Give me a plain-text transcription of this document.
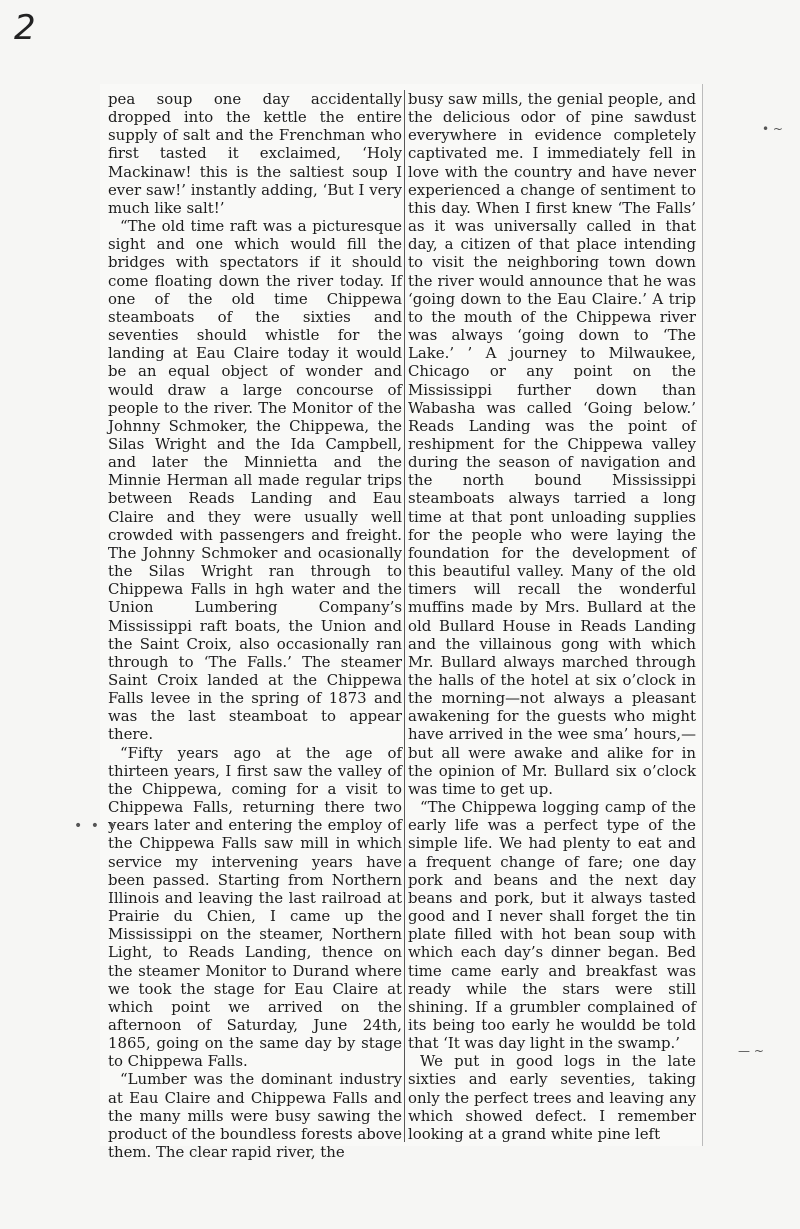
2

pea soup one day accidentally dropped into the kettle the entire supply of salt and the Frenchman who first tasted it exclaimed, ‘Holy Mackinaw! this is the saltiest soup I ever saw!’ instantly adding, ‘But I very much like salt!’

“The old time raft was a picturesque sight and one which would fill the bridges with spectators if it should come floating down the river today. If one of the old time Chippewa steamboats of the sixties and seventies should whistle for the landing at Eau Claire today it would be an equal object of wonder and would draw a large concourse of people to the river. The Monitor of the Johnny Schmoker, the Chippewa, the Silas Wright and the Ida Campbell, and later the Minnietta and the Minnie Herman all made regular trips between Reads Landing and Eau Claire and they were usually well crowded with passengers and freight. The Johnny Schmoker and ocasionally the Silas Wright ran through to Chippewa Falls in hgh water and the Union Lumbering Company’s Mississippi raft boats, the Union and the Saint Croix, also occasionally ran through to ‘The Falls.’ The steamer Saint Croix landed at the Chippewa Falls levee in the spring of 1873 and was the last steamboat to appear there.

“Fifty years ago at the age of thirteen years, I first saw the valley of the Chippewa, coming for a visit to Chippewa Falls, returning there two years later and entering the employ of the Chippewa Falls saw mill in which service my intervening years have been passed. Starting from Northern Illinois and leaving the last railroad at Prairie du Chien, I came up the Mississippi on the steamer, Northern Light, to Reads Landing, thence on the steamer Monitor to Durand where we took the stage for Eau Claire at which point we arrived on the afternoon of Saturday, June 24th, 1865, going on the same day by stage to Chippewa Falls.

“Lumber was the dominant industry at Eau Claire and Chippewa Falls and the many mills were busy sawing the product of the boundless forests above them. The clear rapid river, the

busy saw mills, the genial people, and the delicious odor of pine sawdust everywhere in evidence completely captivated me. I immediately fell in love with the country and have never experienced a change of sentiment to this day. When I first knew ‘The Falls’ as it was universally called in that day, a citizen of that place intending to visit the neighboring town down the river would announce that he was ‘going down to the Eau Claire.’ A trip to the mouth of the Chippewa river was always ‘going down to ‘The Lake.’ ’ A journey to Milwaukee, Chicago or any point on the Mississippi further down than Wabasha was called ‘Going below.’ Reads Landing was the point of reshipment for the Chippewa valley during the season of navigation and the north bound Mississippi steamboats always tarried a long time at that pont unloading supplies for the people who were laying the foundation for the development of this beautiful valley. Many of the old timers will recall the wonderful muffins made by Mrs. Bullard at the old Bullard House in Reads Landing and the villainous gong with which Mr. Bullard always marched through the halls of the hotel at six o’clock in the morning—not always a pleasant awakening for the guests who might have arrived in the wee sma’ hours,—but all were awake and alike for in the opinion of Mr. Bullard six o’clock was time to get up.

“The Chippewa logging camp of the early life was a perfect type of the simple life. We had plenty to eat and a frequent change of fare; one day pork and beans and the next day beans and pork, but it always tasted good and I never shall forget the tin plate filled with hot bean soup with which each day’s dinner began. Bed time came early and breakfast was ready while the stars were still shining. If a grumbler complained of its being too early he wouldd be told that ‘It was day light in the swamp.’

We put in good logs in the late sixties and early seventies, taking only the perfect trees and leaving any which showed defect. I remember looking at a grand white pine left

• ~
— ~
• • •
